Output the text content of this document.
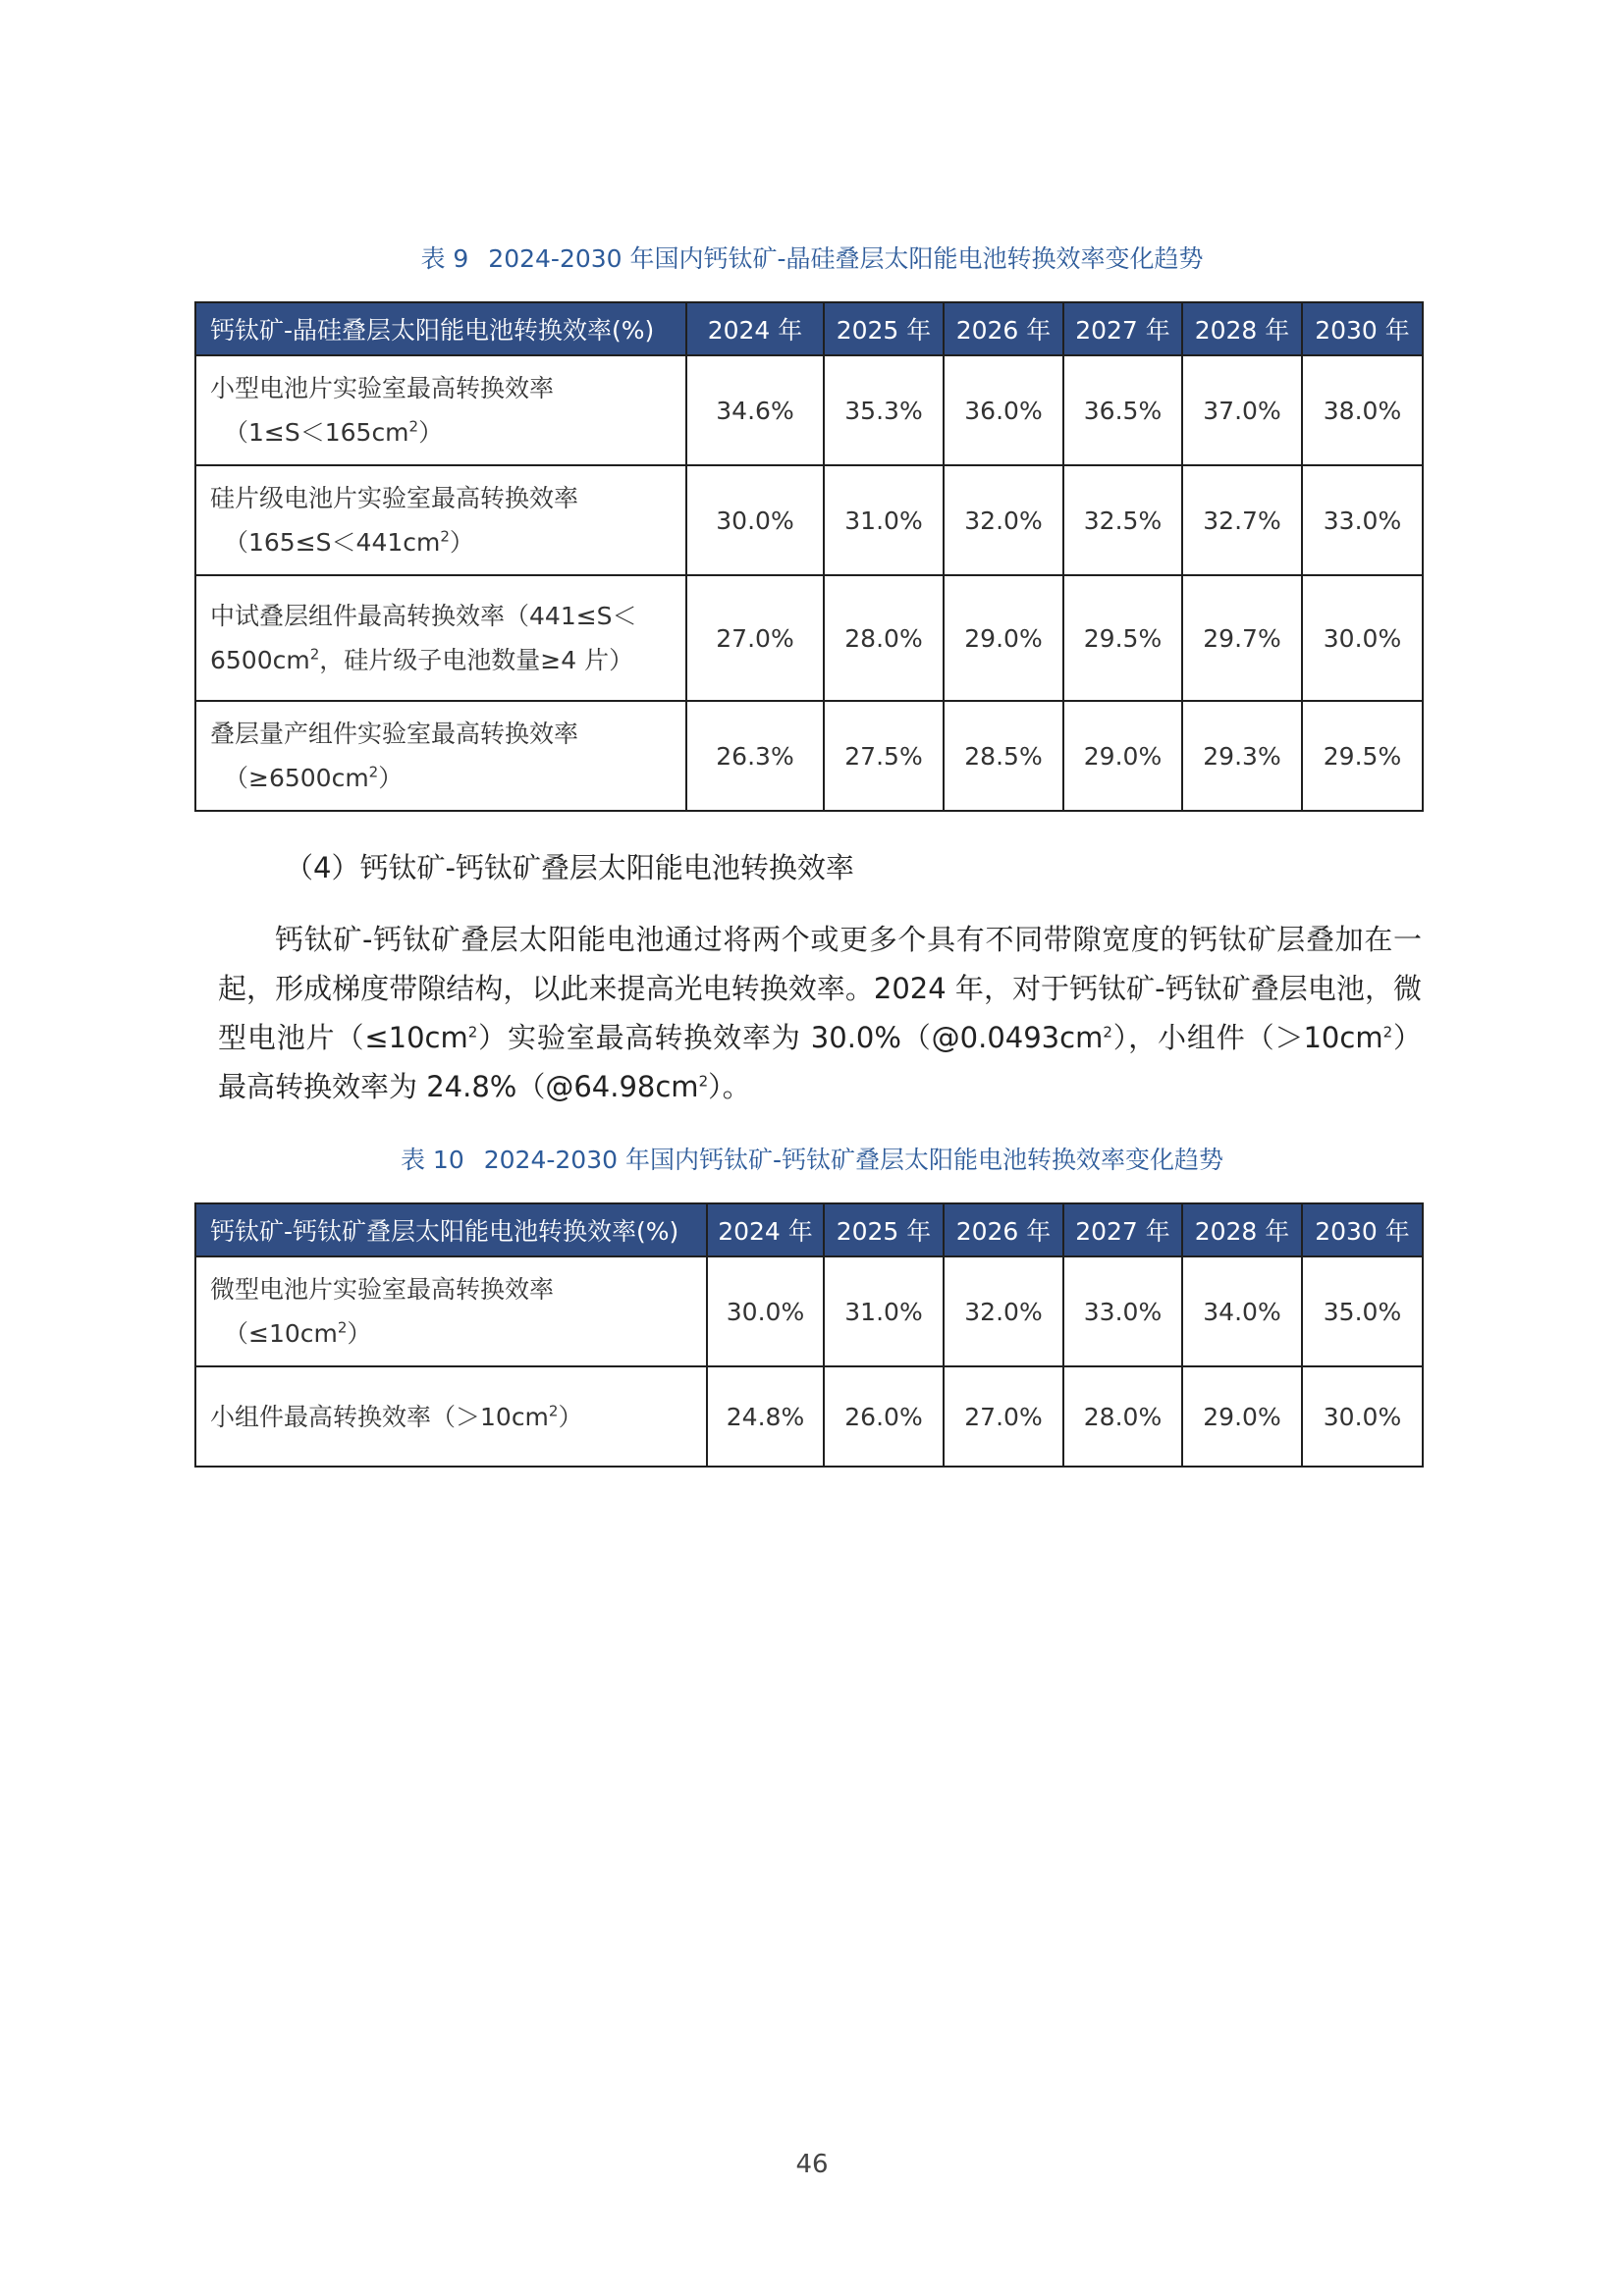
表 9 2024-2030 年国内钙钛矿-晶硅叠层太阳能电池转换效率变化趋势

钙钛矿-晶硅叠层太阳能电池转换效率(%)	2024 年	2025 年	2026 年	2027 年	2028 年	2030 年
小型电池片实验室最高转换效率
$(1\le S<165cm^2)$	34.6%	35.3%	36.0%	36.5%	37.0%	38.0%
硅片级电池片实验室最高转换效率
$(165\le S<441cm^2)$	30.0%	31.0%	32.0%	32.5%	32.7%	33.0%
中试叠层组件最高转换效率（441≤S＜
$6500cm^2$，硅片级子电池数量≥4 片）	27.0%	28.0%	29.0%	29.5%	29.7%	30.0%
叠层量产组件实验室最高转换效率
$(\ge 6500cm^2)$	26.3%	27.5%	28.5%	29.0%	29.3%	29.5%
（4）钙钛矿-钙钛矿叠层太阳能电池转换效率

钙钛矿-钙钛矿叠层太阳能电池通过将两个或更多个具有不同带隙宽度的钙钛矿层叠加在一起，形成梯度带隙结构，以此来提高光电转换效率。2024 年，对于钙钛矿-钙钛矿叠层电池，微型电池片$(\le 10cm^2)$实验室最高转换效率为 $30.0\%(@0.0493cm^2)$，小组件$(>10cm^2)$最高转换效率为 $24.8\%(@64.98cm^2)$。

表 10 2024-2030 年国内钙钛矿-钙钛矿叠层太阳能电池转换效率变化趋势

钙钛矿-钙钛矿叠层太阳能电池转换效率(%)	2024 年	2025 年	2026 年	2027 年	2028 年	2030 年
微型电池片实验室最高转换效率
$(\le 10cm^2)$	30.0%	31.0%	32.0%	33.0%	34.0%	35.0%
小组件最高转换效率$(>10cm^2)$	24.8%	26.0%	27.0%	28.0%	29.0%	30.0%

46
